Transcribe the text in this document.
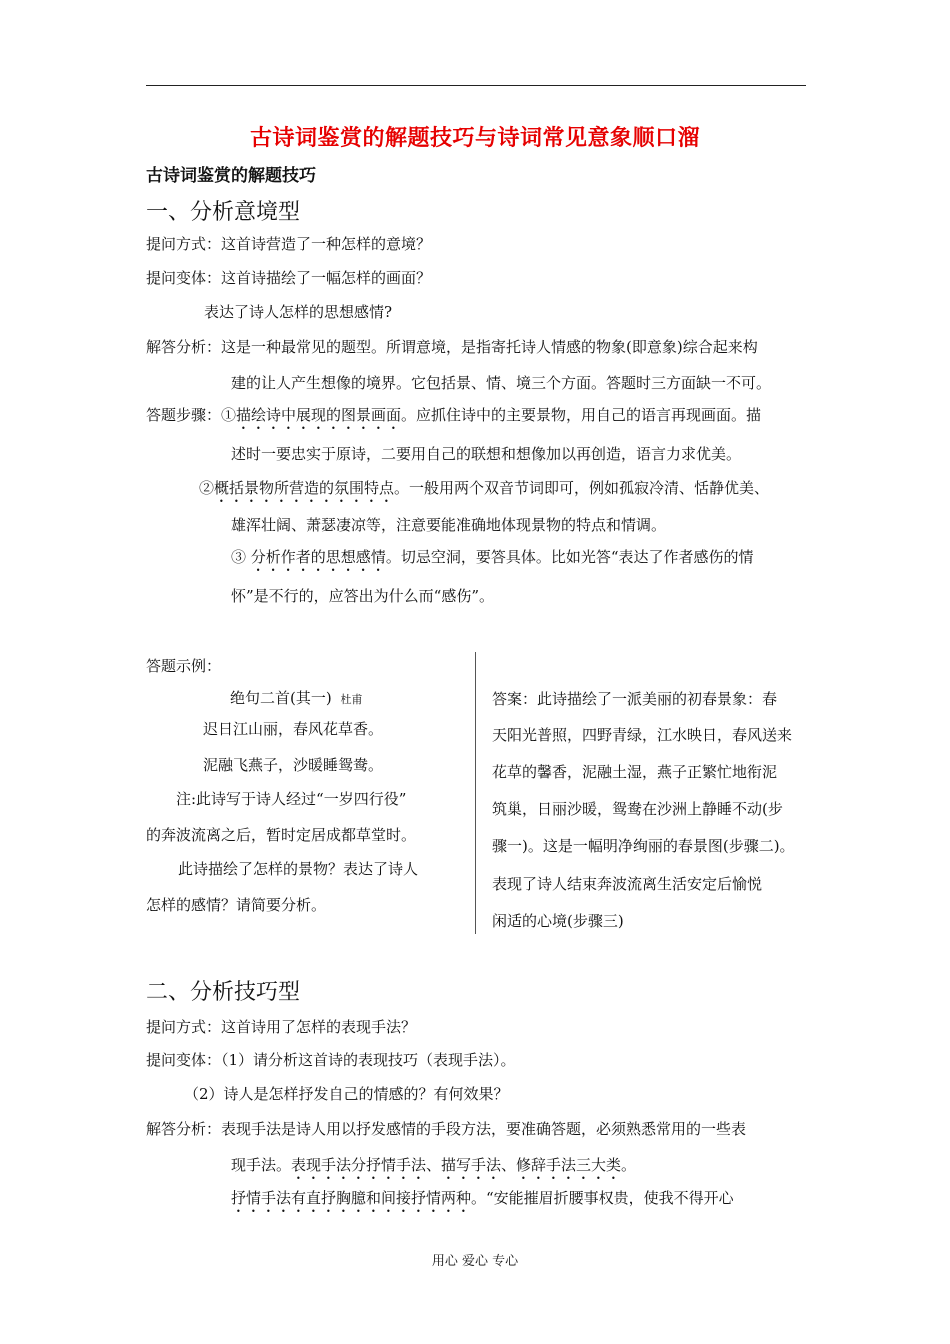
古诗词鉴赏的解题技巧与诗词常见意象顺口溜
古诗词鉴赏的解题技巧
一、分析意境型
提问方式：这首诗营造了一种怎样的意境？
提问变体：这首诗描绘了一幅怎样的画面？
表达了诗人怎样的思想感情?
解答分析：这是一种最常见的题型。所谓意境，是指寄托诗人情感的物象(即意象)综合起来构
建的让人产生想像的境界。它包括景、情、境三个方面。答题时三方面缺一不可。
答题步骤：①描绘诗中展现的图景画面。应抓住诗中的主要景物，用自己的语言再现画面。描
述时一要忠实于原诗，二要用自己的联想和想像加以再创造，语言力求优美。
②概括景物所营造的氛围特点。一般用两个双音节词即可，例如孤寂冷清、恬静优美、
雄浑壮阔、萧瑟凄凉等，注意要能准确地体现景物的特点和情调。
③ 分析作者的思想感情。切忌空洞，要答具体。比如光答“表达了作者感伤的情
怀”是不行的，应答出为什么而“感伤”。
答题示例：
绝句二首(其一) 杜甫
迟日江山丽，春风花草香。
泥融飞燕子，沙暖睡鸳鸯。
注:此诗写于诗人经过“一岁四行役”
的奔波流离之后，暂时定居成都草堂时。
此诗描绘了怎样的景物？表达了诗人
怎样的感情？请简要分析。
答案：此诗描绘了一派美丽的初春景象：春
天阳光普照，四野青绿，江水映日，春风送来
花草的馨香，泥融土湿，燕子正繁忙地衔泥
筑巢，日丽沙暖，鸳鸯在沙洲上静睡不动(步
骤一)。这是一幅明净绚丽的春景图(步骤二)。
表现了诗人结束奔波流离生活安定后愉悦
闲适的心境(步骤三)
二、分析技巧型
提问方式：这首诗用了怎样的表现手法？
提问变体：（1）请分析这首诗的表现技巧（表现手法）。
（2）诗人是怎样抒发自己的情感的？有何效果？
解答分析：表现手法是诗人用以抒发感情的手段方法，要准确答题，必须熟悉常用的一些表
现手法。表现手法分抒情手法、描写手法、修辞手法三大类。
抒情手法有直抒胸臆和间接抒情两种。“安能摧眉折腰事权贵，使我不得开心
用心 爱心 专心
